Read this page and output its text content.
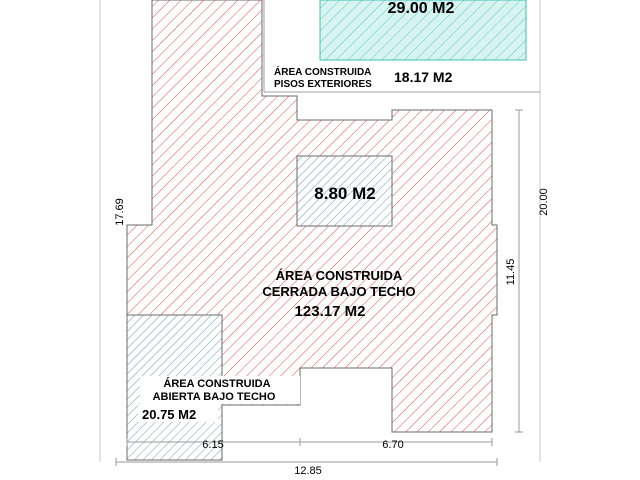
29.00 M2
ÁREA CONSTRUIDA
PISOS EXTERIORES 18.17 M2
8.80 M2
ÁREA CONSTRUIDA
CERRADA BAJO TECHO
123.17 M2
ÁREA CONSTRUIDA
ABIERTA BAJO TECHO
20.75 M2
17.69	20.00
11.45
12.85
6.15	6.70
